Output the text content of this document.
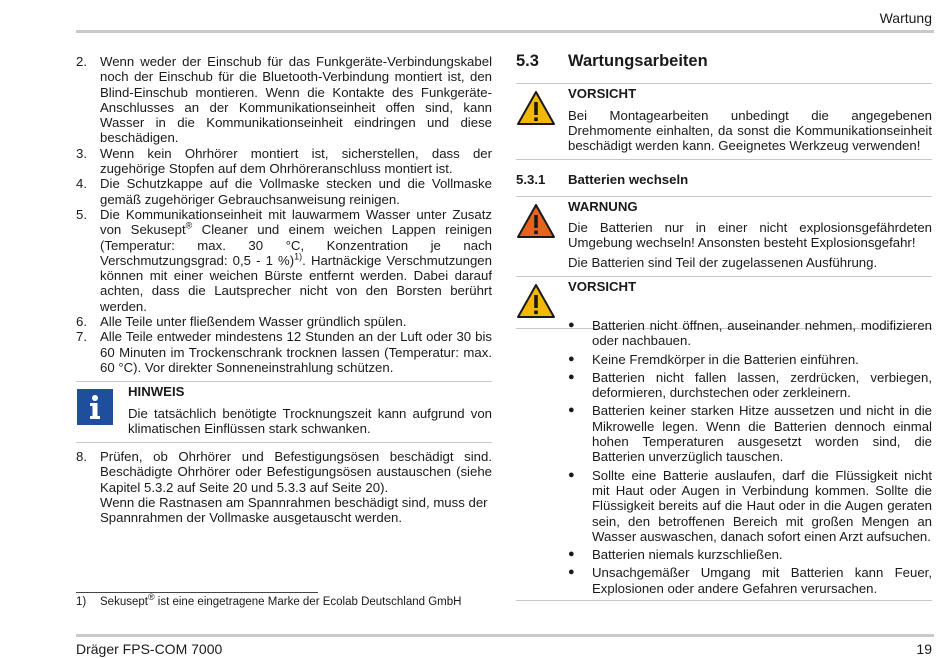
Wartung
2. Wenn weder der Einschub für das Funkgeräte-Verbindungskabel noch der Einschub für die Bluetooth-Verbindung montiert ist, den Blind-Einschub montieren. Wenn die Kontakte des Funkgeräte-Anschlusses an der Kommunikationseinheit offen sind, kann Wasser in die Kommunikationseinheit eindringen und diese beschädigen.
3. Wenn kein Ohrhörer montiert ist, sicherstellen, dass der zugehörige Stopfen auf dem Ohrhöreranschluss montiert ist.
4. Die Schutzkappe auf die Vollmaske stecken und die Vollmaske gemäß zugehöriger Gebrauchsanweisung reinigen.
5. Die Kommunikationseinheit mit lauwarmem Wasser unter Zusatz von Sekusept® Cleaner und einem weichen Lappen reinigen (Temperatur: max. 30 °C, Konzentration je nach Verschmutzungsgrad: 0,5 - 1 %)$^{1)}$. Hartnäckige Verschmutzungen können mit einer weichen Bürste entfernt werden. Dabei darauf achten, dass die Lautsprecher nicht von den Borsten berührt werden.
6. Alle Teile unter fließendem Wasser gründlich spülen.
7. Alle Teile entweder mindestens 12 Stunden an der Luft oder 30 bis 60 Minuten im Trockenschrank trocknen lassen (Temperatur: max. 60 °C). Vor direkter Sonneneinstrahlung schützen.
HINWEIS

Die tatsächlich benötigte Trocknungszeit kann aufgrund von klimatischen Einflüssen stark schwanken.

8. Prüfen, ob Ohrhörer und Befestigungsösen beschädigt sind. Beschädigte Ohrhörer oder Befestigungsösen austauschen (siehe Kapitel 5.3.2 auf Seite 20 und 5.3.3 auf Seite 20).

Wenn die Rastnasen am Spannrahmen beschädigt sind, muss der Spannrahmen der Vollmaske ausgetauscht werden.

1)	Sekusept® ist eine eingetragene Marke der Ecolab Deutschland GmbH
5.3	Wartungsarbeiten
VORSICHT

Bei Montagearbeiten unbedingt die angegebenen Drehmomente einhalten, da sonst die Kommunikationseinheit beschädigt werden kann. Geeignetes Werkzeug verwenden!

5.3.1	Batterien wechseln
WARNUNG

Die Batterien nur in einer nicht explosionsgefährdeten Umgebung wechseln! Ansonsten besteht Explosionsgefahr!

Die Batterien sind Teil der zugelassenen Ausführung.

VORSICHT
●	Batterien nicht öffnen, auseinander nehmen, modifizieren oder nachbauen.
●	Keine Fremdkörper in die Batterien einführen.
●	Batterien nicht fallen lassen, zerdrücken, verbiegen, deformieren, durchstechen oder zerkleinern.
●	Batterien keiner starken Hitze aussetzen und nicht in die Mikrowelle legen. Wenn die Batterien dennoch einmal hohen Temperaturen ausgesetzt worden sind, die Batterien unverzüglich tauschen.
●	Sollte eine Batterie auslaufen, darf die Flüssigkeit nicht mit Haut oder Augen in Verbindung kommen. Sollte die Flüssigkeit bereits auf die Haut oder in die Augen geraten sein, den betroffenen Bereich mit großen Mengen an Wasser auswaschen, danach sofort einen Arzt aufsuchen.
●	Batterien niemals kurzschließen.
●	Unsachgemäßer Umgang mit Batterien kann Feuer, Explosionen oder andere Gefahren verursachen.
Dräger FPS-COM 7000	19
